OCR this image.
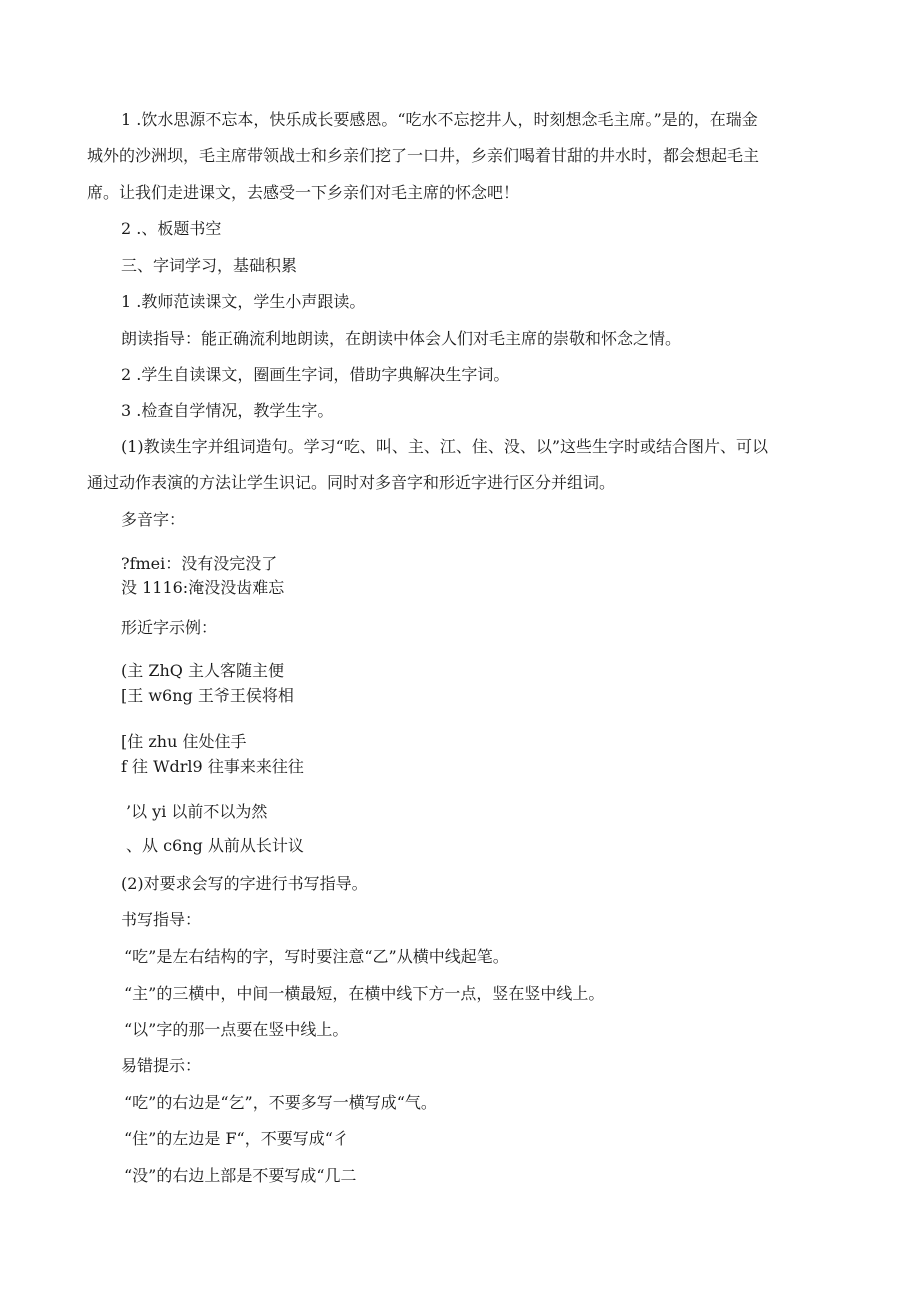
1 .饮水思源不忘本，快乐成长要感恩。“吃水不忘挖井人，时刻想念毛主席。”是的，在瑞金
城外的沙洲坝，毛主席带领战士和乡亲们挖了一口井，乡亲们喝着甘甜的井水时，都会想起毛主
席。让我们走进课文，去感受一下乡亲们对毛主席的怀念吧！
2 .、板题书空
三、字词学习，基础积累
1 .教师范读课文，学生小声跟读。
朗读指导：能正确流利地朗读，在朗读中体会人们对毛主席的崇敬和怀念之情。
2 .学生自读课文，圈画生字词，借助字典解决生字词。
3 .检查自学情况，教学生字。
(1)教读生字并组词造句。学习“吃、叫、主、江、住、没、以”这些生字时或结合图片、可以
通过动作表演的方法让学生识记。同时对多音字和形近字进行区分并组词。
多音字：
?fmei：没有没完没了
没 1116:淹没没齿难忘
形近字示例：
(主 ZhQ 主人客随主便
[王 w6ng 王爷王侯将相
[住 zhu 住处住手
f 往 Wdrl9 往事来来往往
’以 yi 以前不以为然
、从 c6ng 从前从长计议
(2)对要求会写的字进行书写指导。
书写指导：
“吃”是左右结构的字，写时要注意“乙”从横中线起笔。
“主”的三横中，中间一横最短，在横中线下方一点，竖在竖中线上。
“以”字的那一点要在竖中线上。
易错提示：
“吃”的右边是“乞”，不要多写一横写成“气。
“住”的左边是 F“，不要写成“彳
“没”的右边上部是不要写成“几二
